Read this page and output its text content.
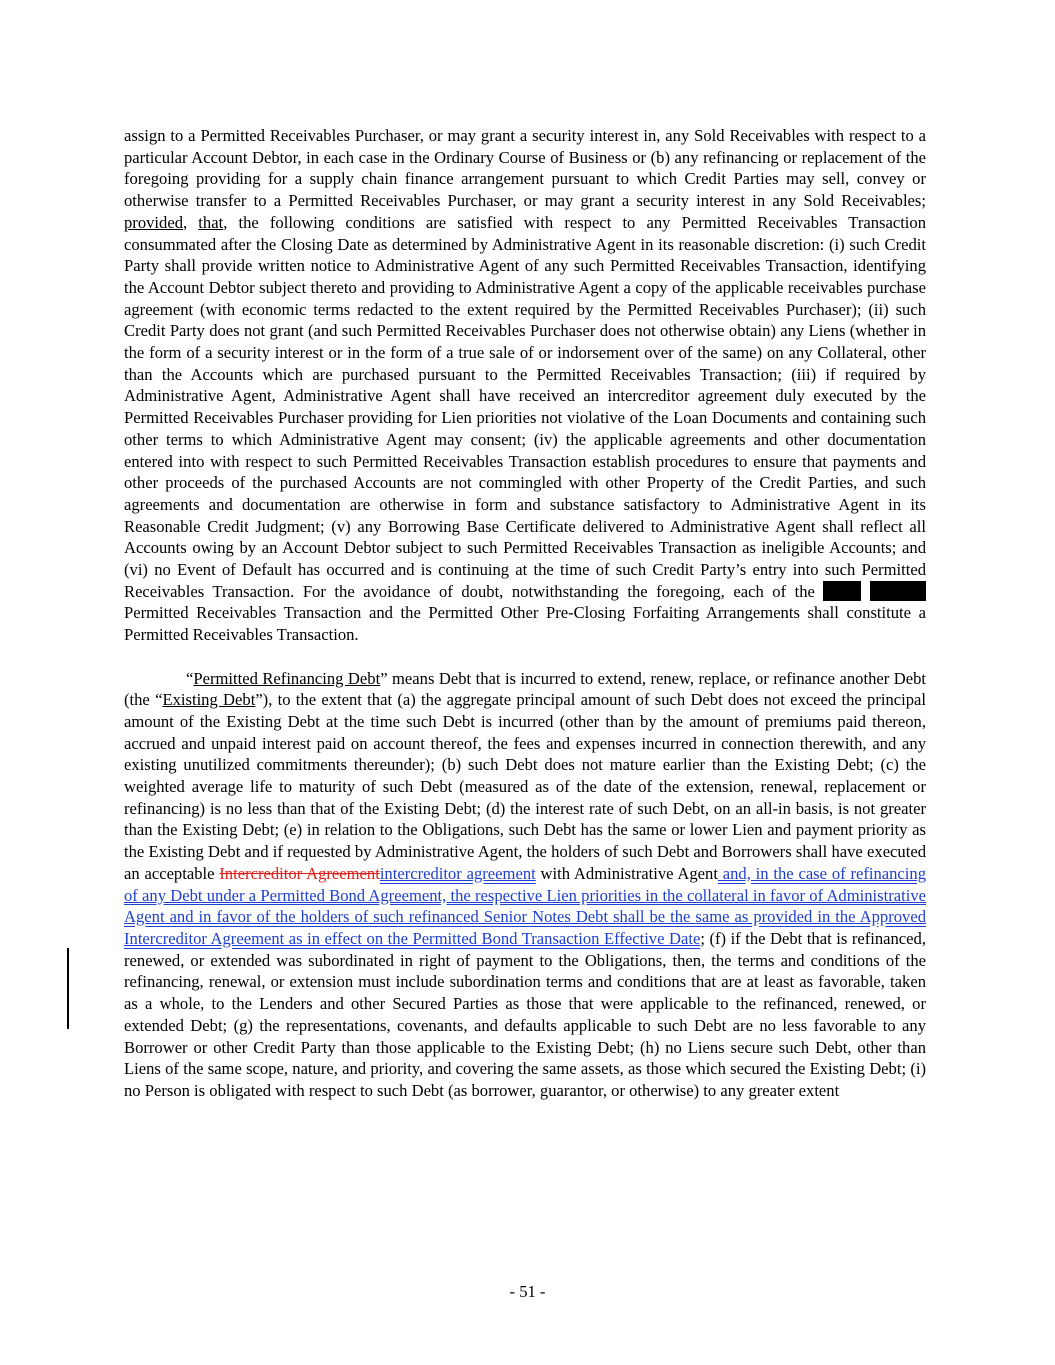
assign to a Permitted Receivables Purchaser, or may grant a security interest in, any Sold Receivables with respect to a particular Account Debtor, in each case in the Ordinary Course of Business or (b) any refinancing or replacement of the foregoing providing for a supply chain finance arrangement pursuant to which Credit Parties may sell, convey or otherwise transfer to a Permitted Receivables Purchaser, or may grant a security interest in any Sold Receivables; provided, that, the following conditions are satisfied with respect to any Permitted Receivables Transaction consummated after the Closing Date as determined by Administrative Agent in its reasonable discretion: (i) such Credit Party shall provide written notice to Administrative Agent of any such Permitted Receivables Transaction, identifying the Account Debtor subject thereto and providing to Administrative Agent a copy of the applicable receivables purchase agreement (with economic terms redacted to the extent required by the Permitted Receivables Purchaser); (ii) such Credit Party does not grant (and such Permitted Receivables Purchaser does not otherwise obtain) any Liens (whether in the form of a security interest or in the form of a true sale of or indorsement over of the same) on any Collateral, other than the Accounts which are purchased pursuant to the Permitted Receivables Transaction; (iii) if required by Administrative Agent, Administrative Agent shall have received an intercreditor agreement duly executed by the Permitted Receivables Purchaser providing for Lien priorities not violative of the Loan Documents and containing such other terms to which Administrative Agent may consent; (iv) the applicable agreements and other documentation entered into with respect to such Permitted Receivables Transaction establish procedures to ensure that payments and other proceeds of the purchased Accounts are not commingled with other Property of the Credit Parties, and such agreements and documentation are otherwise in form and substance satisfactory to Administrative Agent in its Reasonable Credit Judgment; (v) any Borrowing Base Certificate delivered to Administrative Agent shall reflect all Accounts owing by an Account Debtor subject to such Permitted Receivables Transaction as ineligible Accounts; and (vi) no Event of Default has occurred and is continuing at the time of such Credit Party’s entry into such Permitted Receivables Transaction. For the avoidance of doubt, notwithstanding the foregoing, each of the   Permitted Receivables Transaction and the Permitted Other Pre-Closing Forfaiting Arrangements shall constitute a Permitted Receivables Transaction.

“Permitted Refinancing Debt” means Debt that is incurred to extend, renew, replace, or refinance another Debt (the “Existing Debt”), to the extent that (a) the aggregate principal amount of such Debt does not exceed the principal amount of the Existing Debt at the time such Debt is incurred (other than by the amount of premiums paid thereon, accrued and unpaid interest paid on account thereof, the fees and expenses incurred in connection therewith, and any existing unutilized commitments thereunder); (b) such Debt does not mature earlier than the Existing Debt; (c) the weighted average life to maturity of such Debt (measured as of the date of the extension, renewal, replacement or refinancing) is no less than that of the Existing Debt; (d) the interest rate of such Debt, on an all-in basis, is not greater than the Existing Debt; (e) in relation to the Obligations, such Debt has the same or lower Lien and payment priority as the Existing Debt and if requested by Administrative Agent, the holders of such Debt and Borrowers shall have executed an acceptable Intercreditor Agreementintercreditor agreement with Administrative Agent and, in the case of refinancing of any Debt under a Permitted Bond Agreement, the respective Lien priorities in the collateral in favor of Administrative Agent and in favor of the holders of such refinanced Senior Notes Debt shall be the same as provided in the Approved Intercreditor Agreement as in effect on the Permitted Bond Transaction Effective Date; (f) if the Debt that is refinanced, renewed, or extended was subordinated in right of payment to the Obligations, then, the terms and conditions of the refinancing, renewal, or extension must include subordination terms and conditions that are at least as favorable, taken as a whole, to the Lenders and other Secured Parties as those that were applicable to the refinanced, renewed, or extended Debt; (g) the representations, covenants, and defaults applicable to such Debt are no less favorable to any Borrower or other Credit Party than those applicable to the Existing Debt; (h) no Liens secure such Debt, other than Liens of the same scope, nature, and priority, and covering the same assets, as those which secured the Existing Debt; (i) no Person is obligated with respect to such Debt (as borrower, guarantor, or otherwise) to any greater extent

- 51 -
